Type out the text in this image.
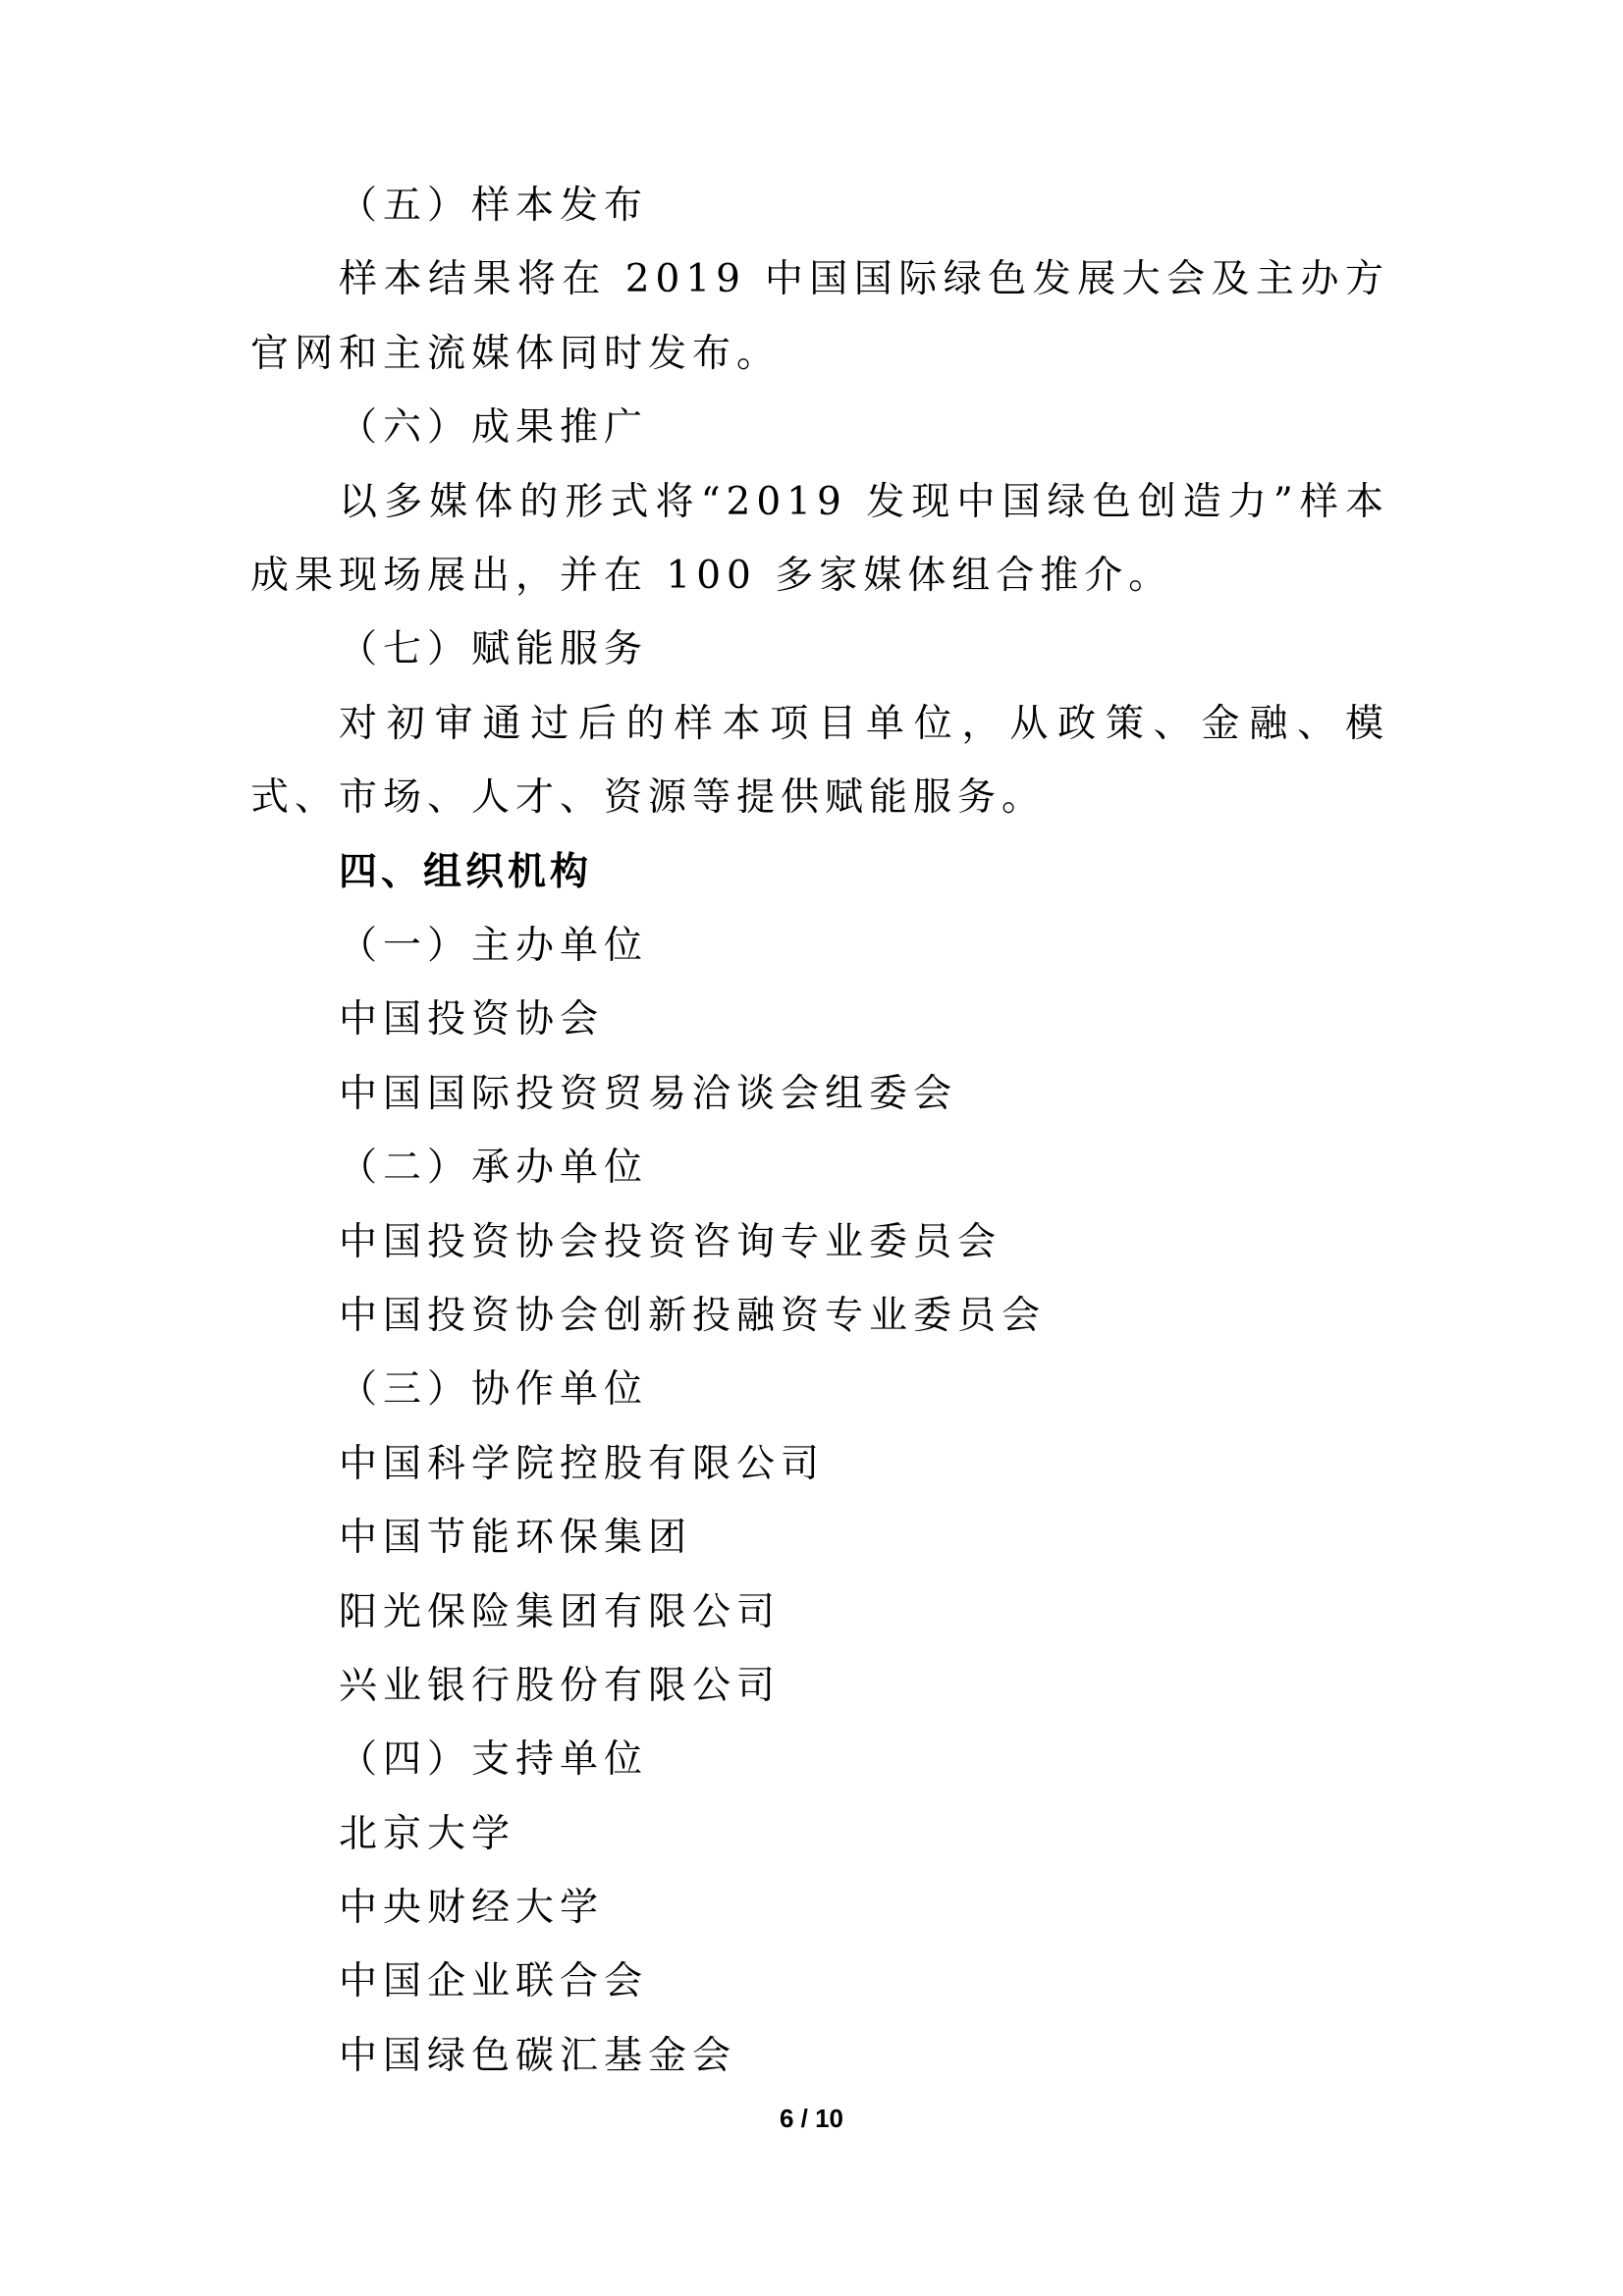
（五）样本发布

样本结果将在 2019 中国国际绿色发展大会及主办方官网和主流媒体同时发布。

（六）成果推广

以多媒体的形式将“2019 发现中国绿色创造力”样本成果现场展出，并在 100 多家媒体组合推介。

（七）赋能服务

对初审通过后的样本项目单位，从政策、金融、模式、市场、人才、资源等提供赋能服务。

四、组织机构
（一）主办单位
中国投资协会
中国国际投资贸易洽谈会组委会
（二）承办单位
中国投资协会投资咨询专业委员会
中国投资协会创新投融资专业委员会
（三）协作单位
中国科学院控股有限公司
中国节能环保集团
阳光保险集团有限公司
兴业银行股份有限公司
（四）支持单位
北京大学
中央财经大学
中国企业联合会
中国绿色碳汇基金会
6 / 10
